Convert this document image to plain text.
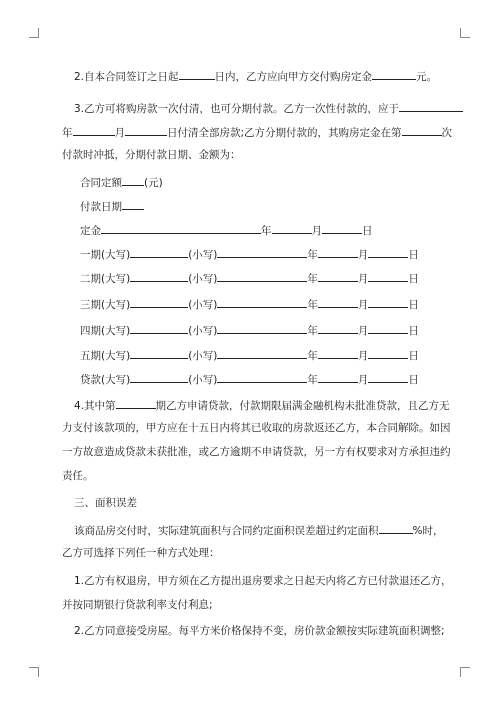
2.自本合同签订之日起	日内，乙方应向甲方交付购房定金	元。
3.乙方可将购房款一次付清，也可分期付款。乙方一次性付款的，应于
年	月	日付清全部房款;乙方分期付款的，其购房定金在第	次
付款时冲抵，分期付款日期、金额为：
合同定额 (元)
付款日期
定金	年	月	日
一期(大写)	(小写)	年	月	日
二期(大写)	(小写)	年	月	日
三期(大写)	(小写)	年	月	日
四期(大写)	(小写)	年	月	日
五期(大写)	(小写)	年	月	日
贷款(大写)	(小写)	年	月	日
4.其中第	期乙方申请贷款，付款期限届满金融机构未批准贷款，且乙方无
力支付该款项的，甲方应在十五日内将其已收取的房款返还乙方，本合同解除。如因
一方故意造成贷款未获批准，或乙方逾期不申请贷款，另一方有权要求对方承担违约
责任。
三、面积误差
该商品房交付时，实际建筑面积与合同约定面积误差超过约定面积	%时，
乙方可选择下列任一种方式处理：
1.乙方有权退房，甲方须在乙方提出退房要求之日起天内将乙方已付款退还乙方，
并按同期银行贷款利率支付利息;
2.乙方同意接受房屋。每平方米价格保持不变，房价款金额按实际建筑面积调整;
